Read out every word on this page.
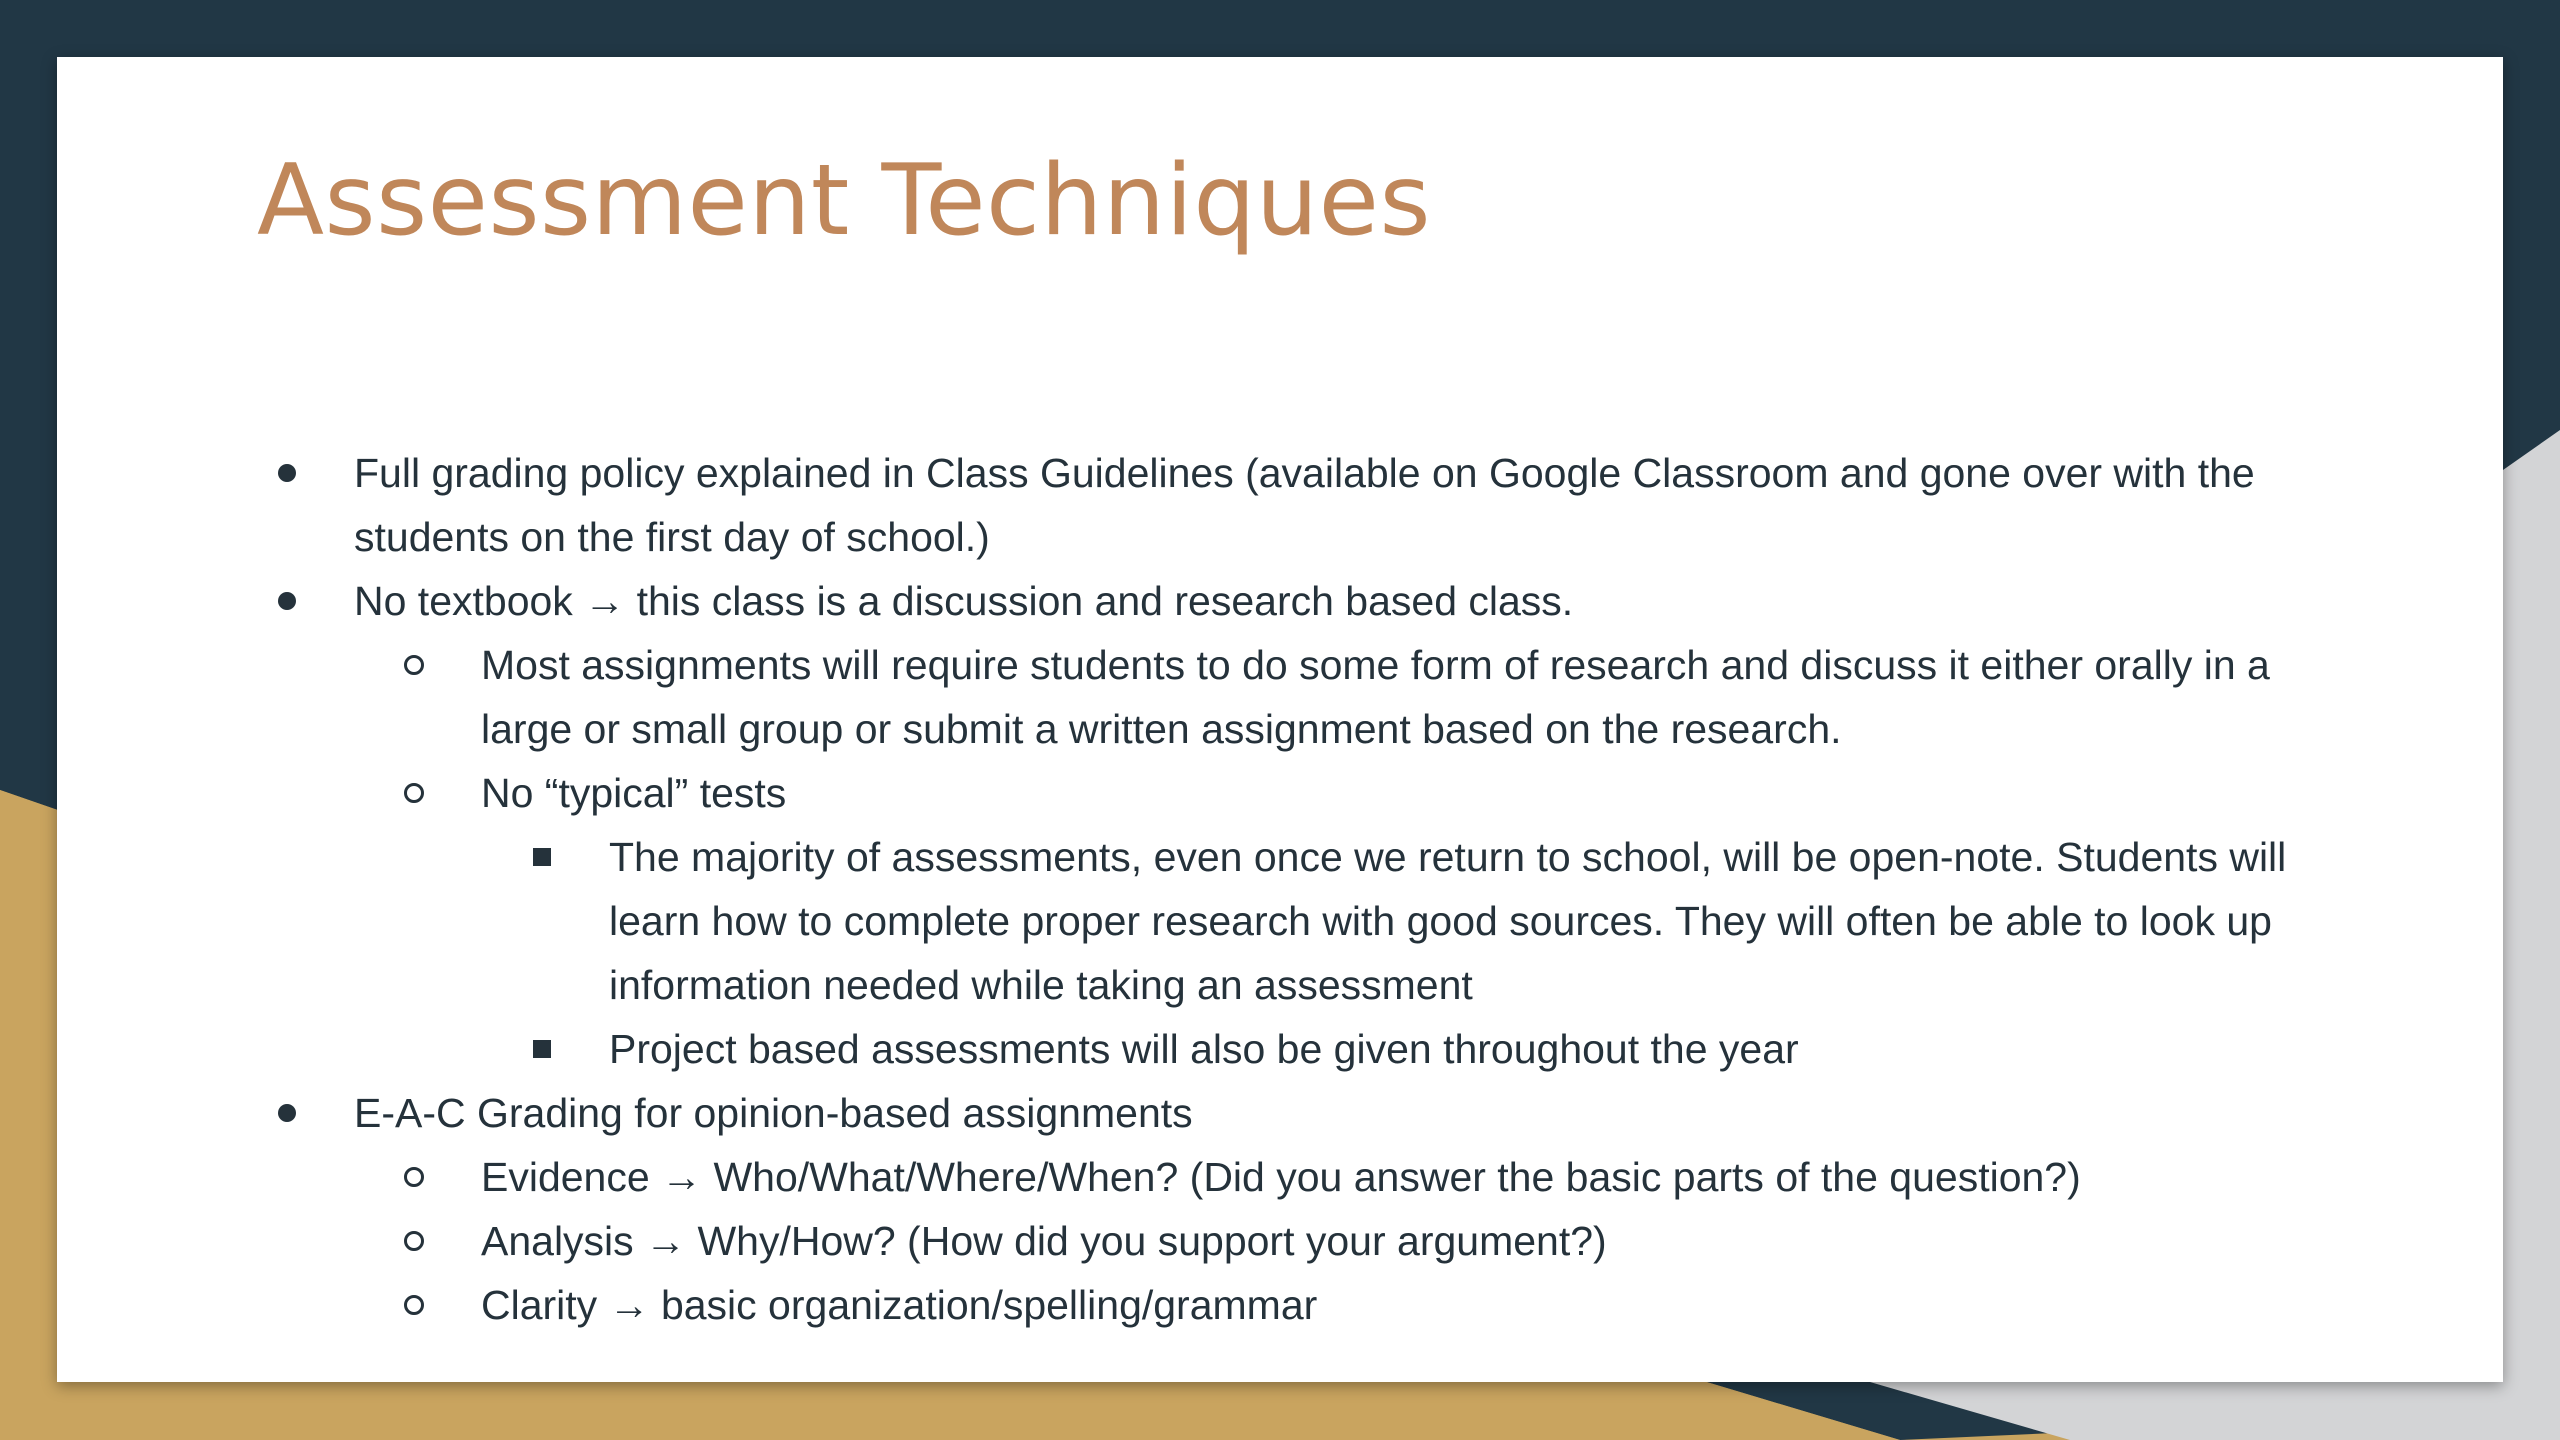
Assessment Techniques
Full grading policy explained in Class Guidelines (available on Google Classroom and gone over with the students on the first day of school.)
No textbook → this class is a discussion and research based class.
Most assignments will require students to do some form of research and discuss it either orally in a large or small group or submit a written assignment based on the research.
No “typical” tests
The majority of assessments, even once we return to school, will be open-note. Students will learn how to complete proper research with good sources. They will often be able to look up information needed while taking an assessment
Project based assessments will also be given throughout the year
E-A-C Grading for opinion-based assignments
Evidence → Who/What/Where/When? (Did you answer the basic parts of the question?)
Analysis → Why/How? (How did you support your argument?)
Clarity → basic organization/spelling/grammar
